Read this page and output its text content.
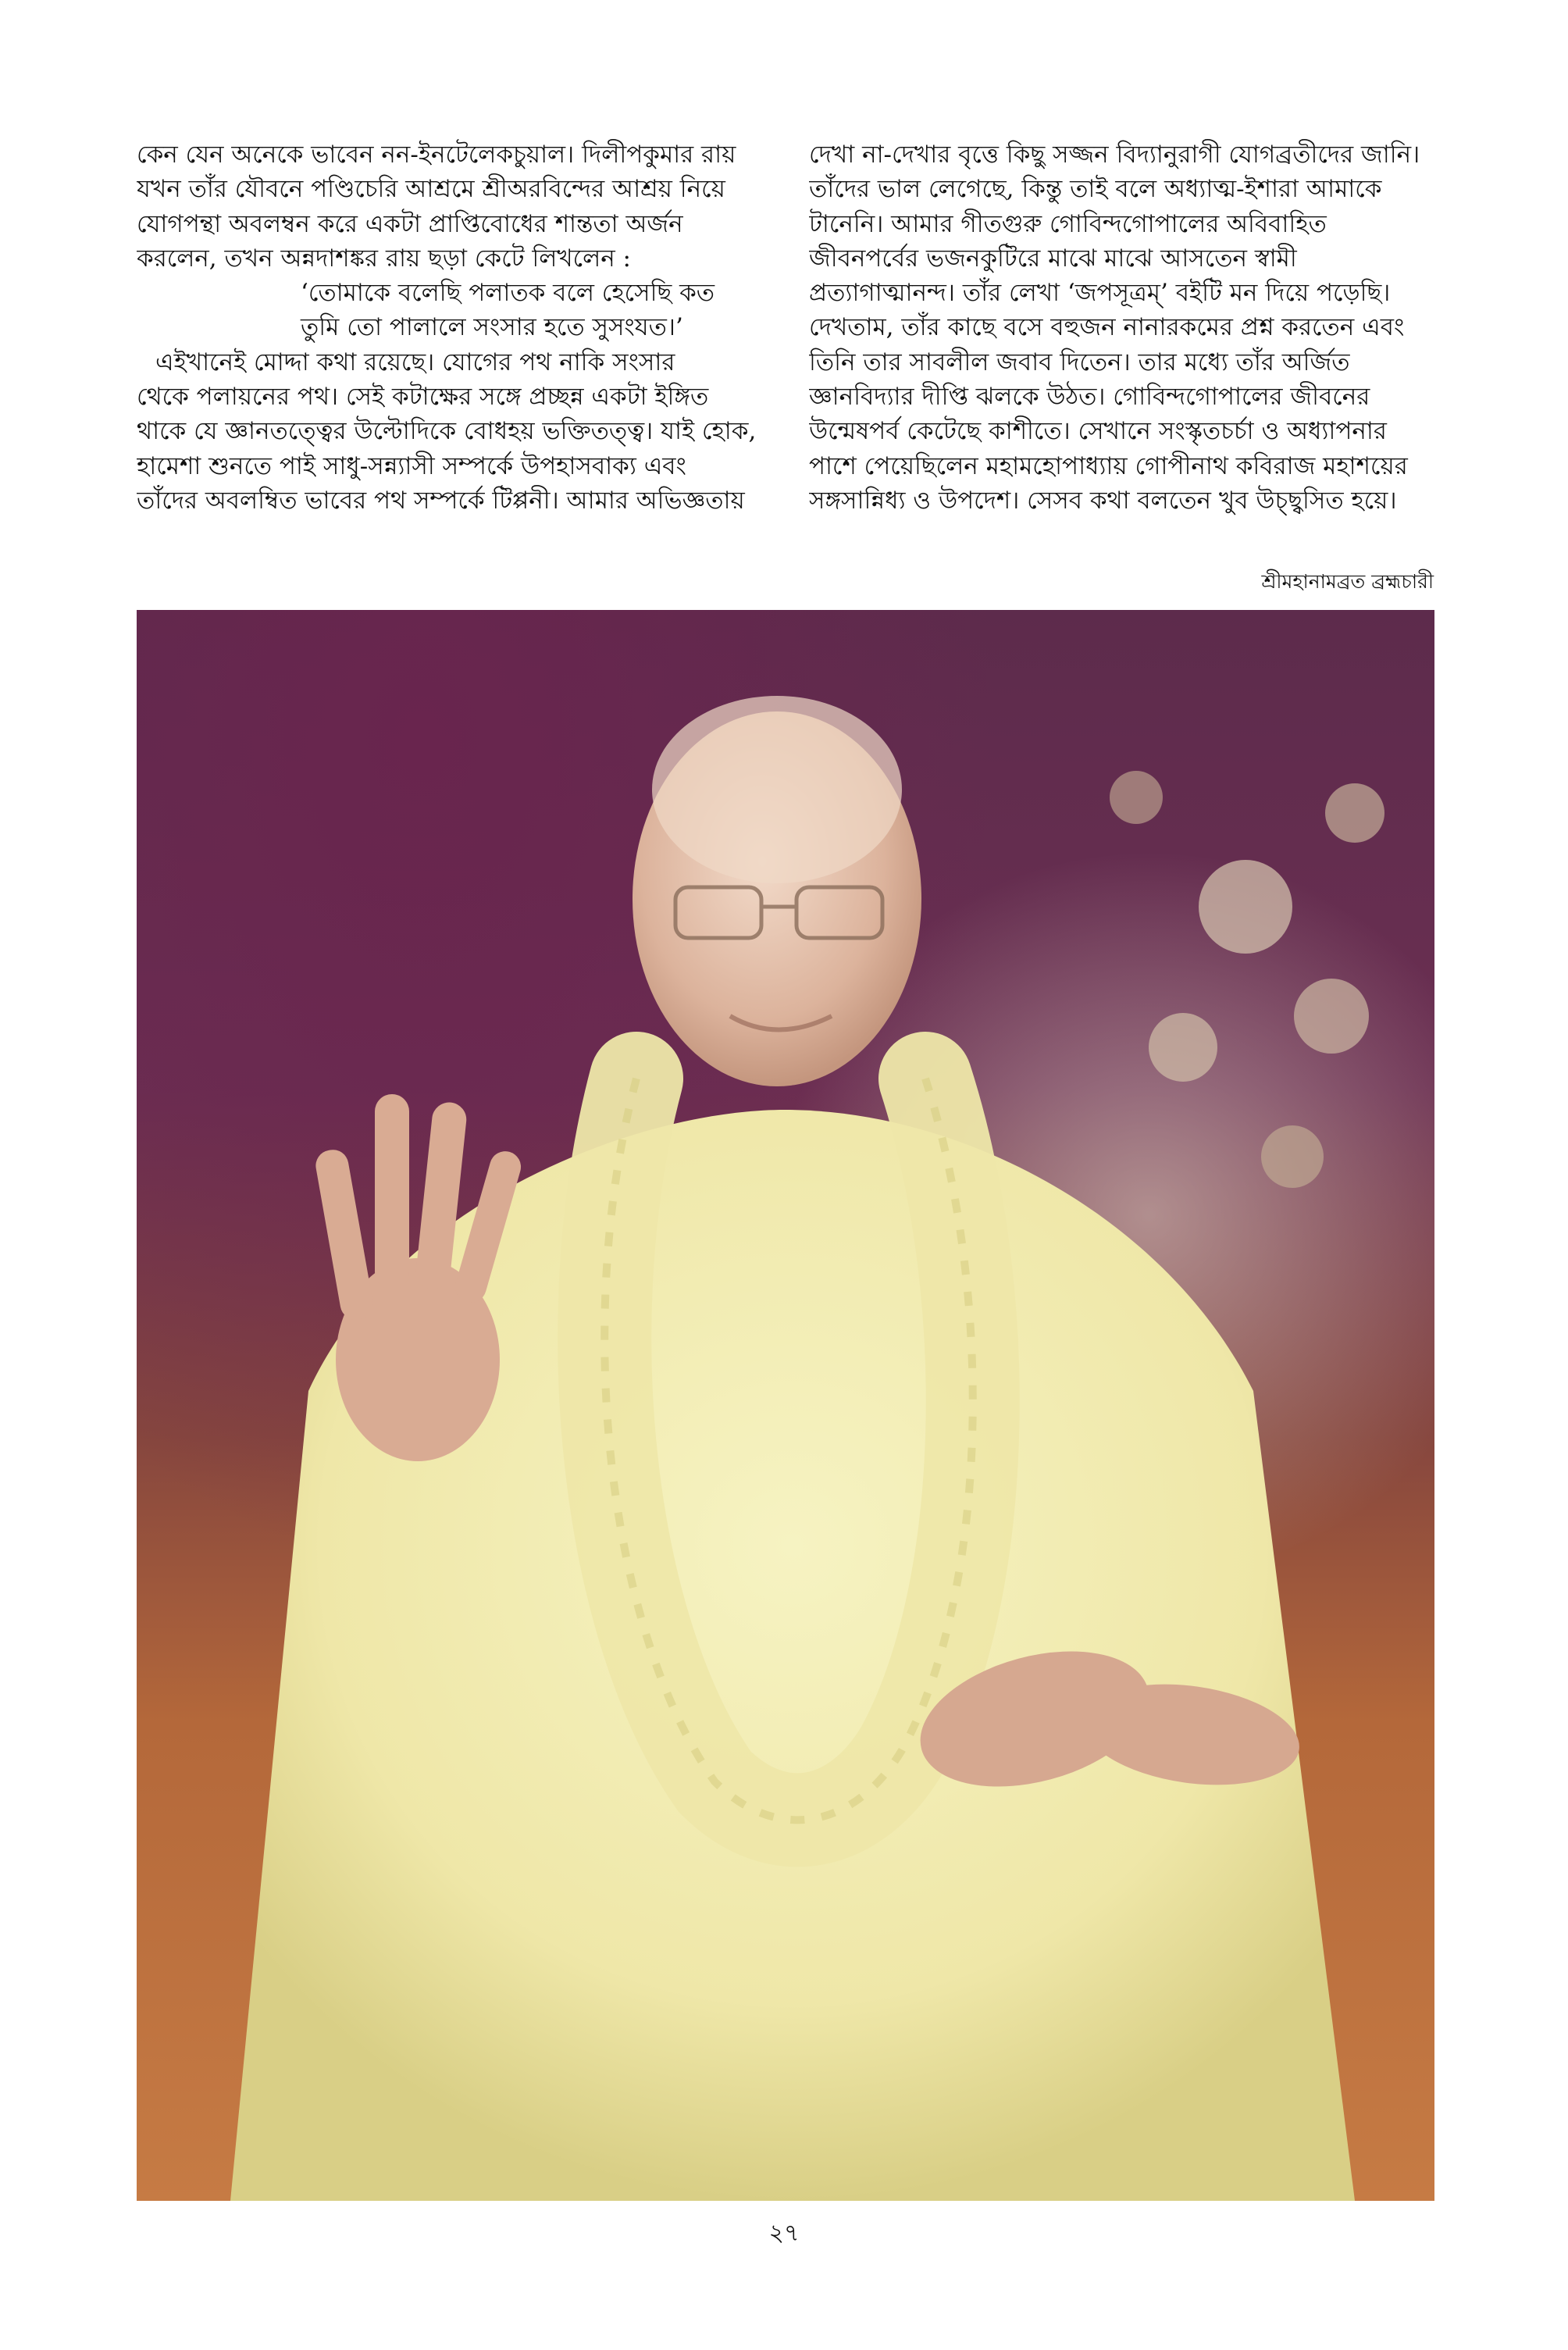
কেন যেন অনেকে ভাবেন নন-ইনটেলেকচুয়াল। দিলীপকুমার রায়
যখন তাঁর যৌবনে পণ্ডিচেরি আশ্রমে শ্রীঅরবিন্দের আশ্রয় নিয়ে
যোগপন্থা অবলম্বন করে একটা প্রাপ্তিবোধের শান্ততা অর্জন
করলেন, তখন অন্নদাশঙ্কর রায় ছড়া কেটে লিখলেন :
‘তোমাকে বলেছি পলাতক বলে হেসেছি কত
তুমি তো পালালে সংসার হতে সুসংযত।’
এইখানেই মোদ্দা কথা রয়েছে। যোগের পথ নাকি সংসার
থেকে পলায়নের পথ। সেই কটাক্ষের সঙ্গে প্রচ্ছন্ন একটা ইঙ্গিত
থাকে যে জ্ঞানতত্ত্বের উল্টোদিকে বোধহয় ভক্তিতত্ত্ব। যাই হোক,
হামেশা শুনতে পাই সাধু-সন্ন্যাসী সম্পর্কে উপহাসবাক্য এবং
তাঁদের অবলম্বিত ভাবের পথ সম্পর্কে টিপ্পনী। আমার অভিজ্ঞতায়
দেখা না-দেখার বৃত্তে কিছু সজ্জন বিদ্যানুরাগী যোগব্রতীদের জানি।
তাঁদের ভাল লেগেছে, কিন্তু তাই বলে অধ্যাত্ম-ইশারা আমাকে
টানেনি। আমার গীতগুরু গোবিন্দগোপালের অবিবাহিত
জীবনপর্বের ভজনকুটিরে মাঝে মাঝে আসতেন স্বামী
প্রত্যাগাত্মানন্দ। তাঁর লেখা ‘জপসূত্রম্’ বইটি মন দিয়ে পড়েছি।
দেখতাম, তাঁর কাছে বসে বহুজন নানারকমের প্রশ্ন করতেন এবং
তিনি তার সাবলীল জবাব দিতেন। তার মধ্যে তাঁর অর্জিত
জ্ঞানবিদ্যার দীপ্তি ঝলকে উঠত। গোবিন্দগোপালের জীবনের
উন্মেষপর্ব কেটেছে কাশীতে। সেখানে সংস্কৃতচর্চা ও অধ্যাপনার
পাশে পেয়েছিলেন মহামহোপাধ্যায় গোপীনাথ কবিরাজ মহাশয়ের
সঙ্গসান্নিধ্য ও উপদেশ। সেসব কথা বলতেন খুব উচ্ছ্বসিত হয়ে।
শ্রীমহানামব্রত ব্রহ্মচারী
২৭
